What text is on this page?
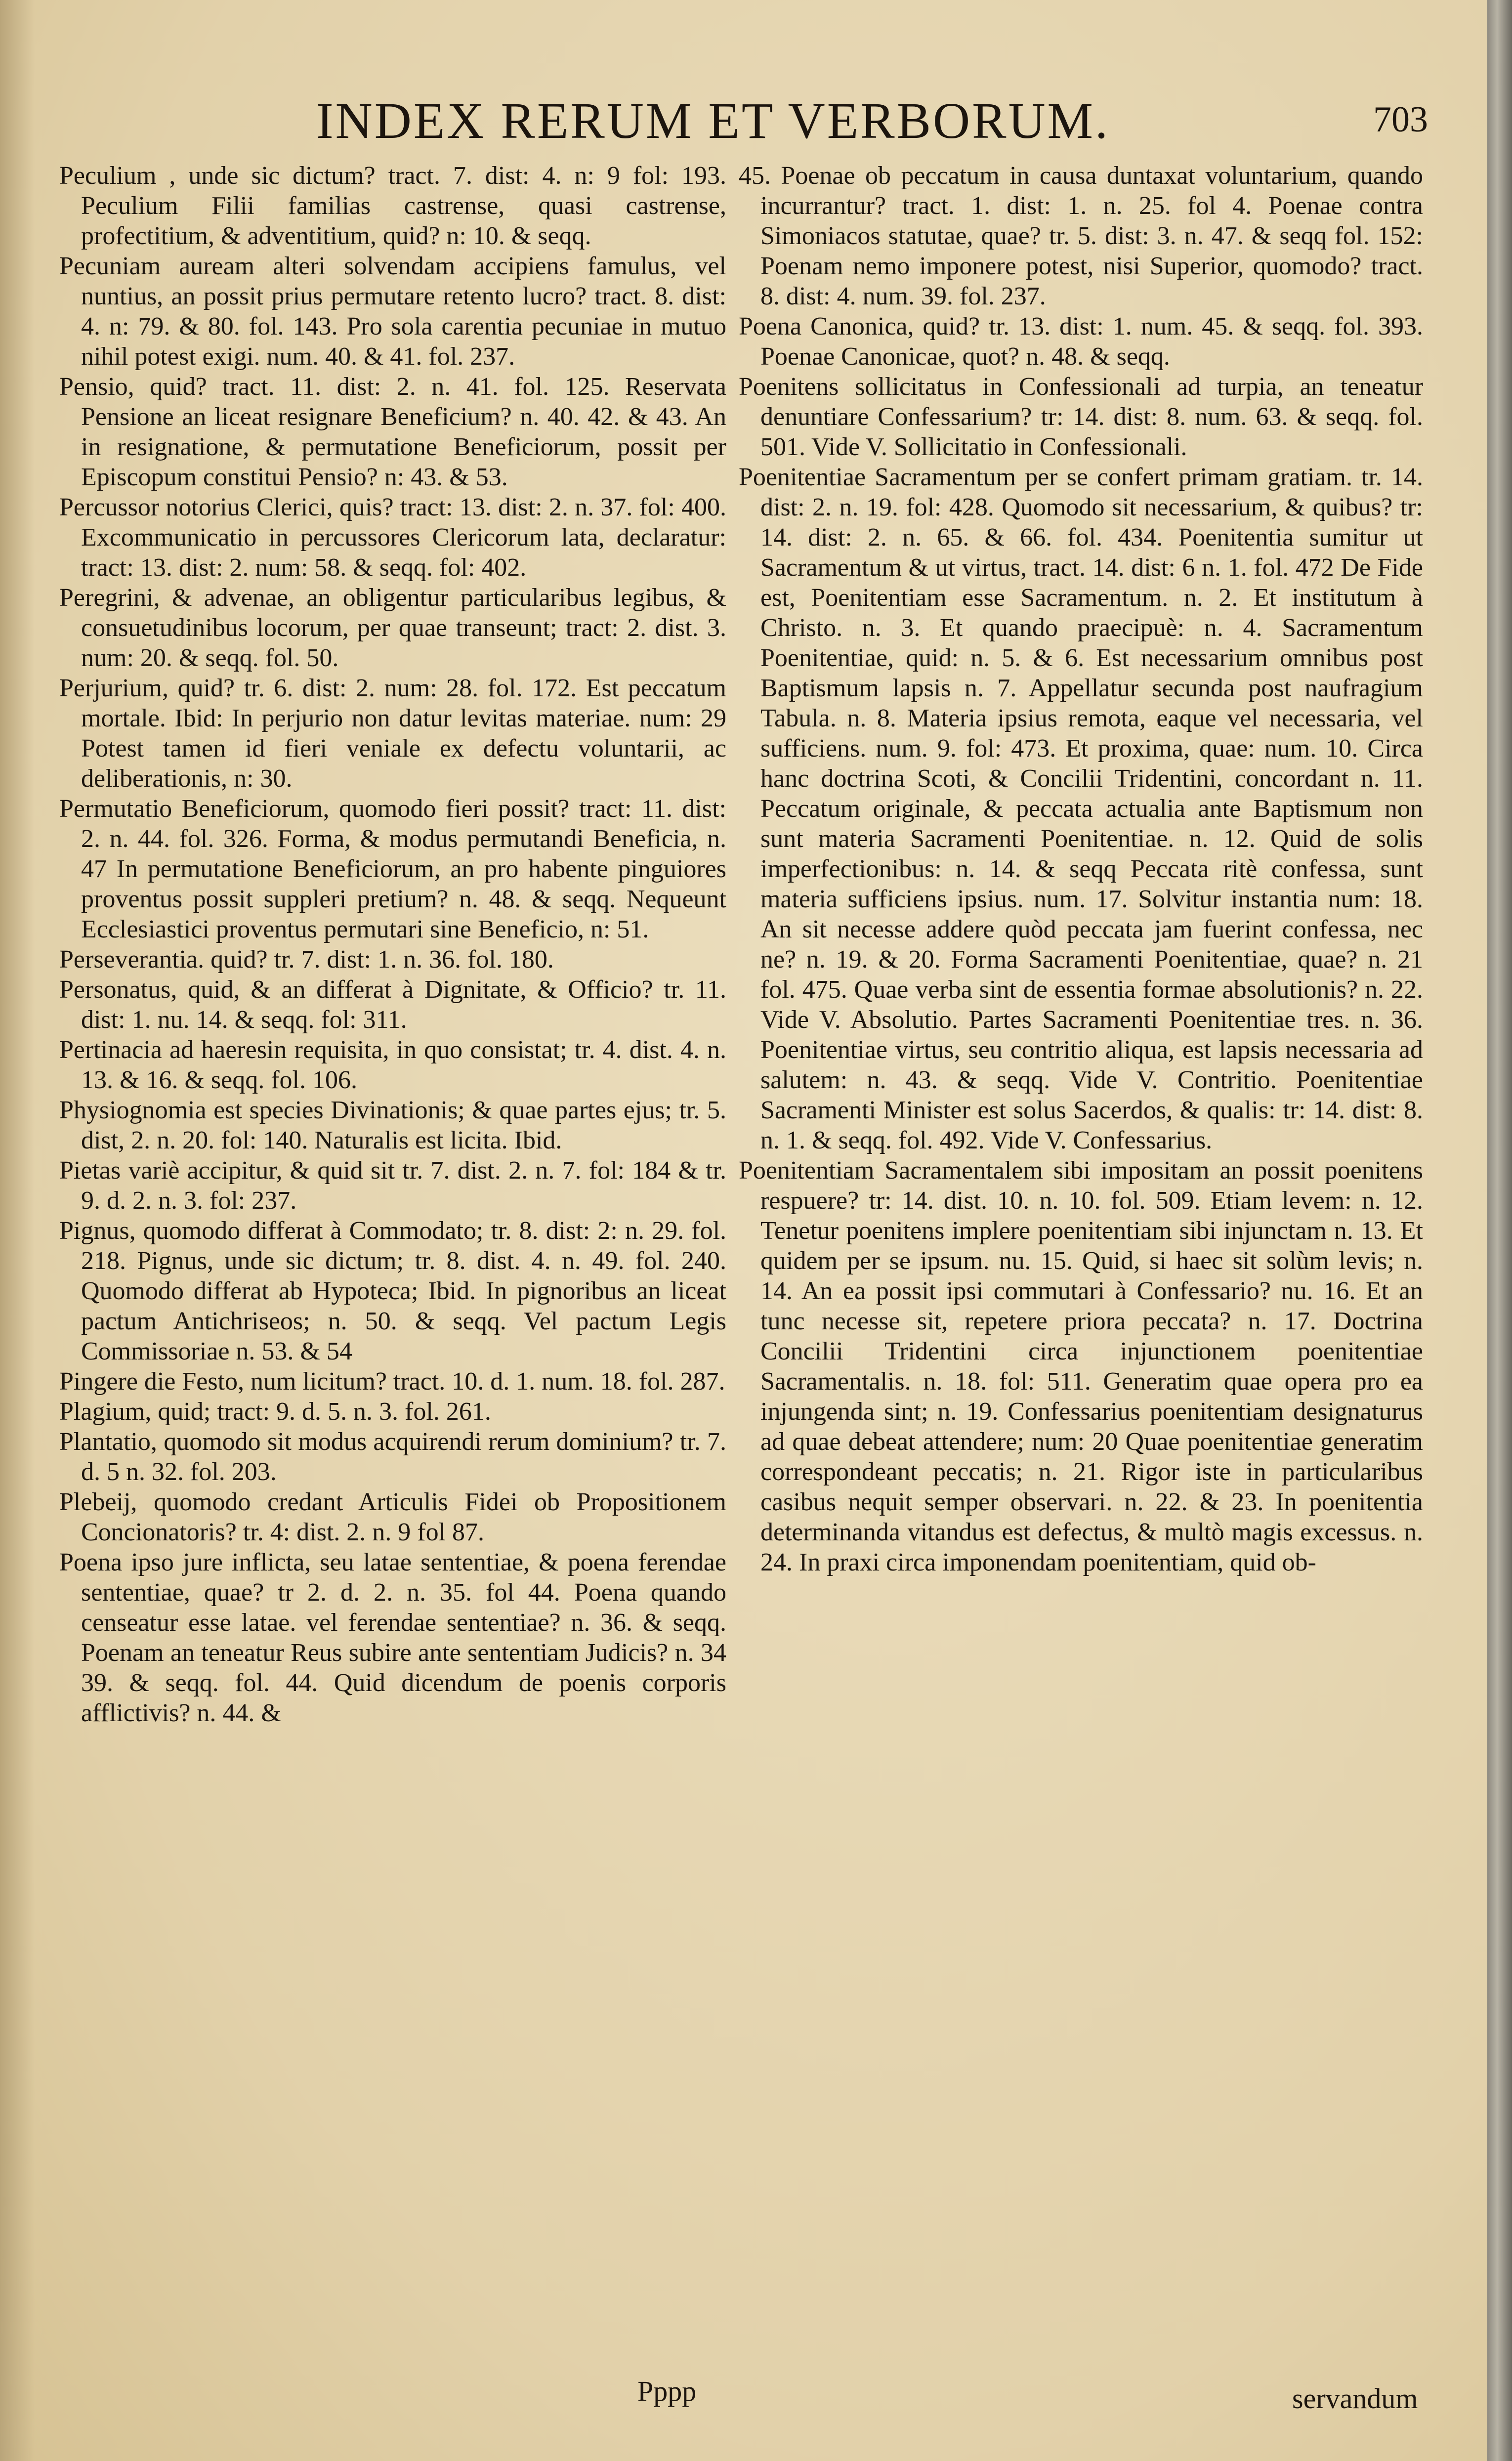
INDEX RERUM ET VERBORUM.	703
Peculium , unde sic dictum? tract. 7. dist: 4. n: 9 fol: 193. Peculium Filii familias castrense, quasi castrense, profectitium, & adventitium, quid? n: 10. & seqq.
Pecuniam auream alteri solvendam accipiens famulus, vel nuntius, an possit prius permutare retento lucro? tract. 8. dist: 4. n: 79. & 80. fol. 143. Pro sola carentia pecuniae in mutuo nihil potest exigi. num. 40. & 41. fol. 237.
Pensio, quid? tract. 11. dist: 2. n. 41. fol. 125. Reservata Pensione an liceat resignare Beneficium? n. 40. 42. & 43. An in resignatione, & permutatione Beneficiorum, possit per Episcopum constitui Pensio? n: 43. & 53.
Percussor notorius Clerici, quis? tract: 13. dist: 2. n. 37. fol: 400. Excommunicatio in percussores Clericorum lata, declaratur: tract: 13. dist: 2. num: 58. & seqq. fol: 402.
Peregrini, & advenae, an obligentur particularibus legibus, & consuetudinibus locorum, per quae transeunt; tract: 2. dist. 3. num: 20. & seqq. fol. 50.
Perjurium, quid? tr. 6. dist: 2. num: 28. fol. 172. Est peccatum mortale. Ibid: In perjurio non datur levitas materiae. num: 29 Potest tamen id fieri veniale ex defectu voluntarii, ac deliberationis, n: 30.
Permutatio Beneficiorum, quomodo fieri possit? tract: 11. dist: 2. n. 44. fol. 326. Forma, & modus permutandi Beneficia, n. 47 In permutatione Beneficiorum, an pro habente pinguiores proventus possit suppleri pretium? n. 48. & seqq. Nequeunt Ecclesiastici proventus permutari sine Beneficio, n: 51.
Perseverantia. quid? tr. 7. dist: 1. n. 36. fol. 180.
Personatus, quid, & an differat à Dignitate, & Officio? tr. 11. dist: 1. nu. 14. & seqq. fol: 311.
Pertinacia ad haeresin requisita, in quo consistat; tr. 4. dist. 4. n. 13. & 16. & seqq. fol. 106.
Physiognomia est species Divinationis; & quae partes ejus; tr. 5. dist, 2. n. 20. fol: 140. Naturalis est licita. Ibid.
Pietas variè accipitur, & quid sit tr. 7. dist. 2. n. 7. fol: 184 & tr. 9. d. 2. n. 3. fol: 237.
Pignus, quomodo differat à Commodato; tr. 8. dist: 2: n. 29. fol. 218. Pignus, unde sic dictum; tr. 8. dist. 4. n. 49. fol. 240. Quomodo differat ab Hypoteca; Ibid. In pignoribus an liceat pactum Antichriseos; n. 50. & seqq. Vel pactum Legis Commissoriae n. 53. & 54
Pingere die Festo, num licitum? tract. 10. d. 1. num. 18. fol. 287.
Plagium, quid; tract: 9. d. 5. n. 3. fol. 261.
Plantatio, quomodo sit modus acquirendi rerum dominium? tr. 7. d. 5 n. 32. fol. 203.
Plebeij, quomodo credant Articulis Fidei ob Propositionem Concionatoris? tr. 4: dist. 2. n. 9 fol 87.
Poena ipso jure inflicta, seu latae sententiae, & poena ferendae sententiae, quae? tr 2. d. 2. n. 35. fol 44. Poena quando censeatur esse latae. vel ferendae sententiae? n. 36. & seqq. Poenam an teneatur Reus subire ante sententiam Judicis? n. 34 39. & seqq. fol. 44. Quid dicendum de poenis corporis afflictivis? n. 44. &
45. Poenae ob peccatum in causa duntaxat voluntarium, quando incurrantur? tract. 1. dist: 1. n. 25. fol 4. Poenae contra Simoniacos statutae, quae? tr. 5. dist: 3. n. 47. & seqq fol. 152: Poenam nemo imponere potest, nisi Superior, quomodo? tract. 8. dist: 4. num. 39. fol. 237.
Poena Canonica, quid? tr. 13. dist: 1. num. 45. & seqq. fol. 393. Poenae Canonicae, quot? n. 48. & seqq.
Poenitens sollicitatus in Confessionali ad turpia, an teneatur denuntiare Confessarium? tr: 14. dist: 8. num. 63. & seqq. fol. 501. Vide V. Sollicitatio in Confessionali.
Poenitentiae Sacramentum per se confert primam gratiam. tr. 14. dist: 2. n. 19. fol: 428. Quomodo sit necessarium, & quibus? tr: 14. dist: 2. n. 65. & 66. fol. 434. Poenitentia sumitur ut Sacramentum & ut virtus, tract. 14. dist: 6 n. 1. fol. 472 De Fide est, Poenitentiam esse Sacramentum. n. 2. Et institutum à Christo. n. 3. Et quando praecipuè: n. 4. Sacramentum Poenitentiae, quid: n. 5. & 6. Est necessarium omnibus post Baptismum lapsis n. 7. Appellatur secunda post naufragium Tabula. n. 8. Materia ipsius remota, eaque vel necessaria, vel sufficiens. num. 9. fol: 473. Et proxima, quae: num. 10. Circa hanc doctrina Scoti, & Concilii Tridentini, concordant n. 11. Peccatum originale, & peccata actualia ante Baptismum non sunt materia Sacramenti Poenitentiae. n. 12. Quid de solis imperfectionibus: n. 14. & seqq Peccata ritè confessa, sunt materia sufficiens ipsius. num. 17. Solvitur instantia num: 18. An sit necesse addere quòd peccata jam fuerint confessa, nec ne? n. 19. & 20. Forma Sacramenti Poenitentiae, quae? n. 21 fol. 475. Quae verba sint de essentia formae absolutionis? n. 22. Vide V. Absolutio. Partes Sacramenti Poenitentiae tres. n. 36. Poenitentiae virtus, seu contritio aliqua, est lapsis necessaria ad salutem: n. 43. & seqq. Vide V. Contritio. Poenitentiae Sacramenti Minister est solus Sacerdos, & qualis: tr: 14. dist: 8. n. 1. & seqq. fol. 492. Vide V. Confessarius.
Poenitentiam Sacramentalem sibi impositam an possit poenitens respuere? tr: 14. dist. 10. n. 10. fol. 509. Etiam levem: n. 12. Tenetur poenitens implere poenitentiam sibi injunctam n. 13. Et quidem per se ipsum. nu. 15. Quid, si haec sit solùm levis; n. 14. An ea possit ipsi commutari à Confessario? nu. 16. Et an tunc necesse sit, repetere priora peccata? n. 17. Doctrina Concilii Tridentini circa injunctionem poenitentiae Sacramentalis. n. 18. fol: 511. Generatim quae opera pro ea injungenda sint; n. 19. Confessarius poenitentiam designaturus ad quae debeat attendere; num: 20 Quae poenitentiae generatim correspondeant peccatis; n. 21. Rigor iste in particularibus casibus nequit semper observari. n. 22. & 23. In poenitentia determinanda vitandus est defectus, & multò magis excessus. n. 24. In praxi circa imponendam poenitentiam, quid ob-
Pppp	servandum
